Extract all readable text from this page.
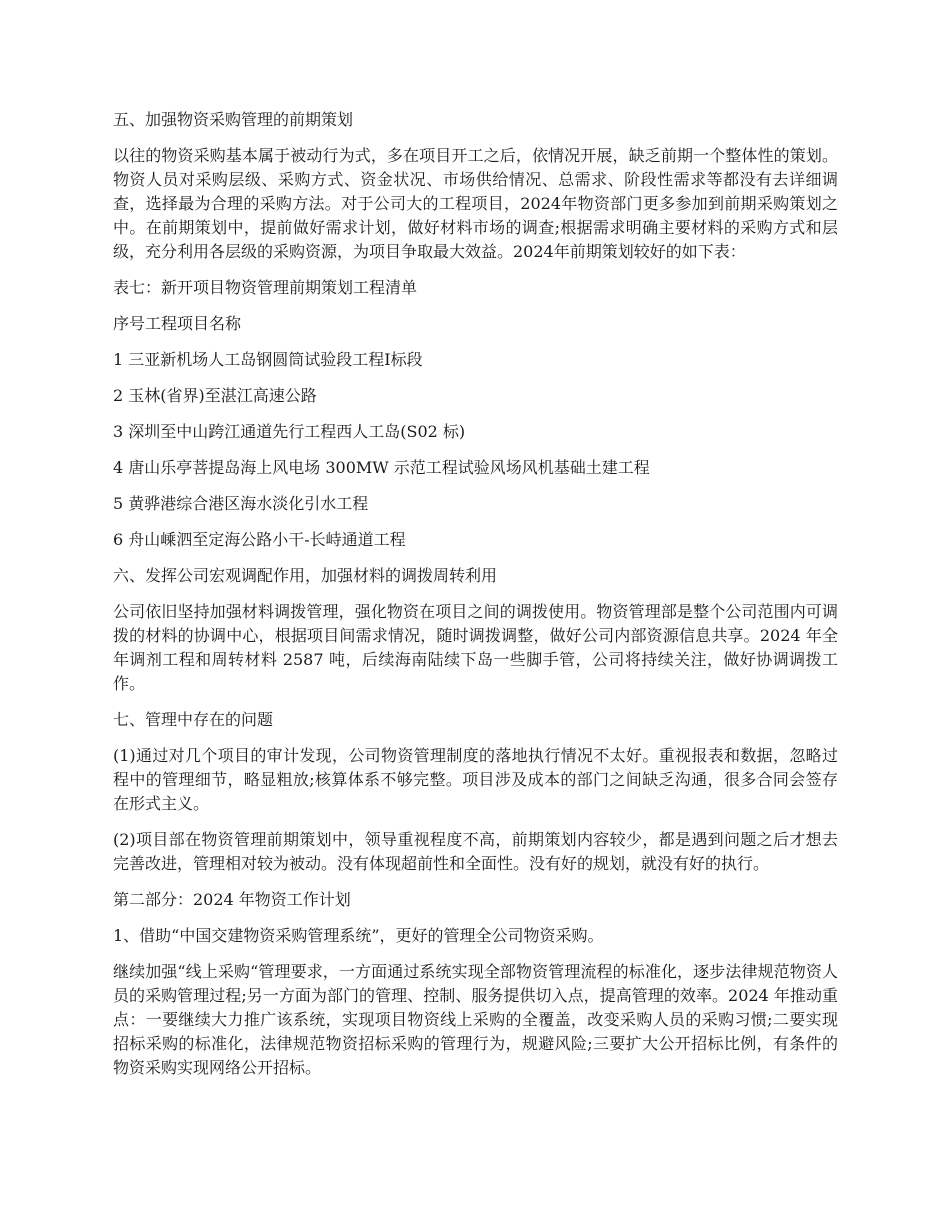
五、加强物资采购管理的前期策划
以往的物资采购基本属于被动行为式，多在项目开工之后，依情况开展，缺乏前期一个整体性的策划。物资人员对采购层级、采购方式、资金状况、市场供给情况、总需求、阶段性需求等都没有去详细调查，选择最为合理的采购方法。对于公司大的工程项目，2024年物资部门更多参加到前期采购策划之中。在前期策划中，提前做好需求计划，做好材料市场的调查;根据需求明确主要材料的采购方式和层级，充分利用各层级的采购资源，为项目争取最大效益。2024年前期策划较好的如下表：
表七：新开项目物资管理前期策划工程清单
序号工程项目名称
1 三亚新机场人工岛钢圆筒试验段工程Ⅰ标段
2 玉林(省界)至湛江高速公路
3 深圳至中山跨江通道先行工程西人工岛(S02 标)
4 唐山乐亭菩提岛海上风电场 300MW 示范工程试验风场风机基础土建工程
5 黄骅港综合港区海水淡化引水工程
6 舟山嵊泗至定海公路小干-长峙通道工程
六、发挥公司宏观调配作用，加强材料的调拨周转利用
公司依旧坚持加强材料调拨管理，强化物资在项目之间的调拨使用。物资管理部是整个公司范围内可调拨的材料的协调中心，根据项目间需求情况，随时调拨调整，做好公司内部资源信息共享。2024 年全年调剂工程和周转材料 2587 吨，后续海南陆续下岛一些脚手管，公司将持续关注，做好协调调拨工作。
七、管理中存在的问题
(1)通过对几个项目的审计发现，公司物资管理制度的落地执行情况不太好。重视报表和数据，忽略过程中的管理细节，略显粗放;核算体系不够完整。项目涉及成本的部门之间缺乏沟通，很多合同会签存在形式主义。
(2)项目部在物资管理前期策划中，领导重视程度不高，前期策划内容较少，都是遇到问题之后才想去完善改进，管理相对较为被动。没有体现超前性和全面性。没有好的规划，就没有好的执行。
第二部分：2024 年物资工作计划
1、借助“中国交建物资采购管理系统”，更好的管理全公司物资采购。
继续加强“线上采购“管理要求，一方面通过系统实现全部物资管理流程的标准化，逐步法律规范物资人员的采购管理过程;另一方面为部门的管理、控制、服务提供切入点，提高管理的效率。2024 年推动重点：一要继续大力推广该系统，实现项目物资线上采购的全覆盖，改变采购人员的采购习惯;二要实现招标采购的标准化，法律规范物资招标采购的管理行为，规避风险;三要扩大公开招标比例，有条件的物资采购实现网络公开招标。
